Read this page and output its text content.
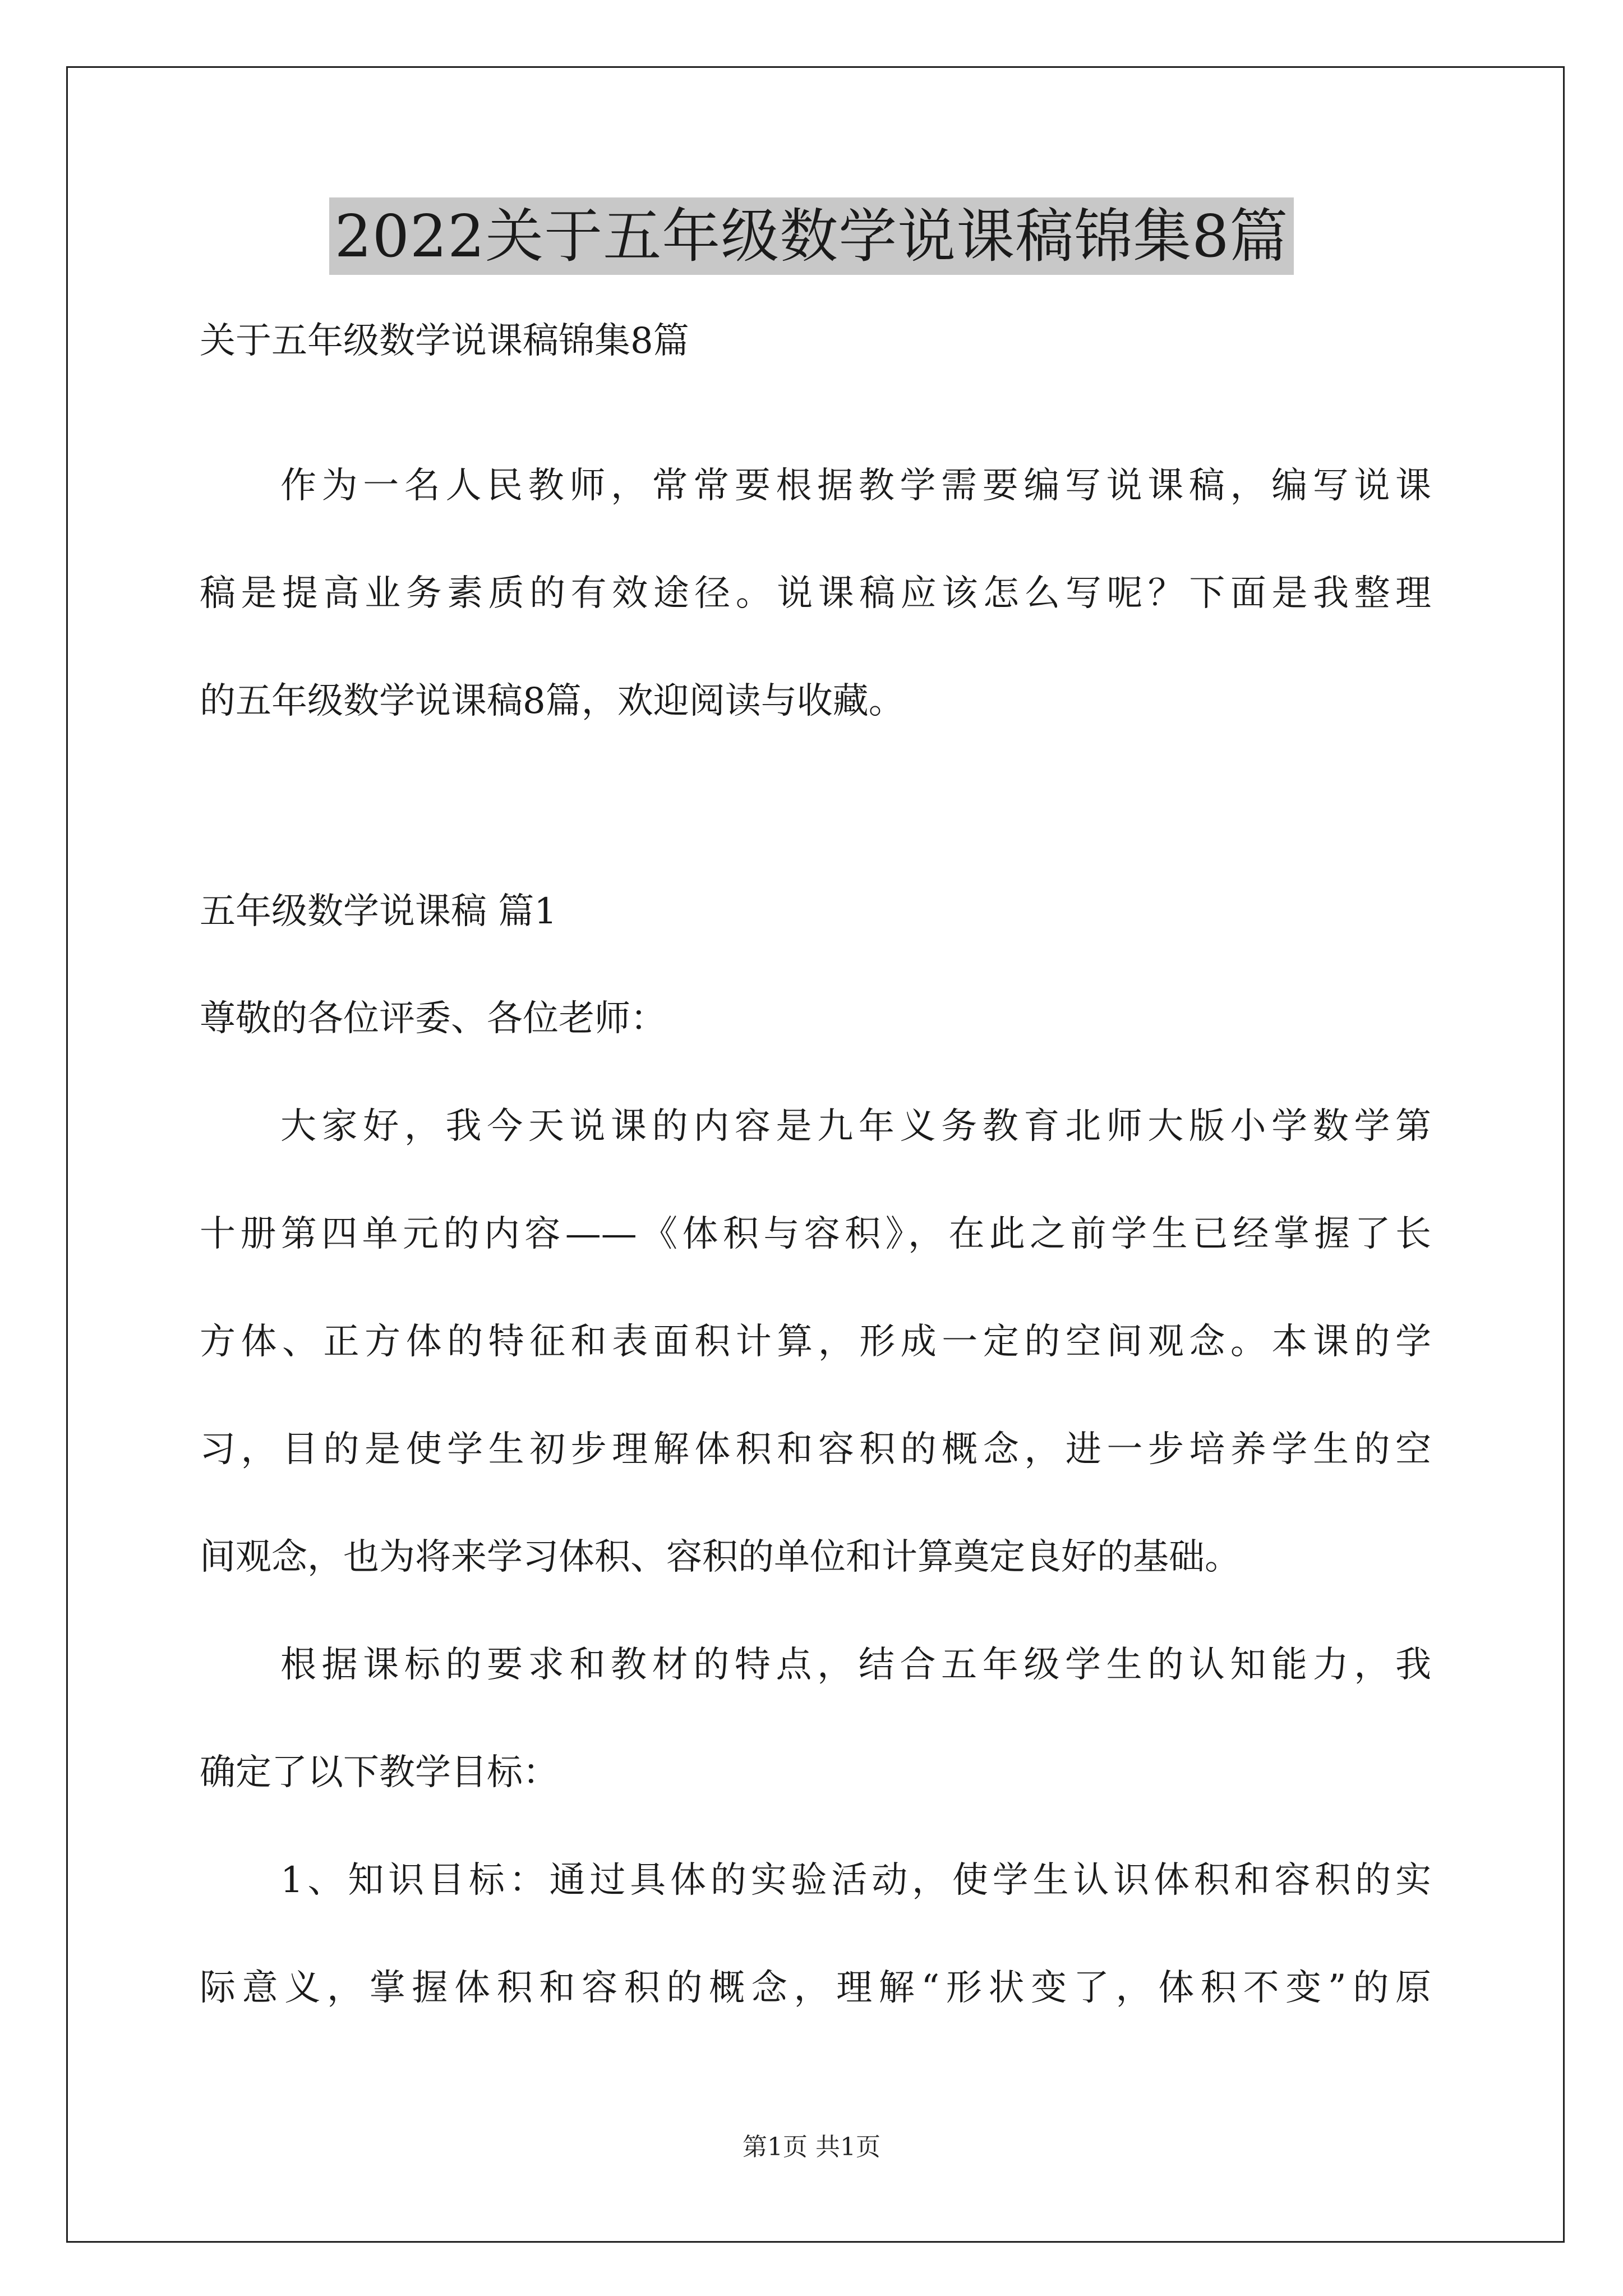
2022关于五年级数学说课稿锦集8篇
关于五年级数学说课稿锦集8篇
作为一名人民教师，常常要根据教学需要编写说课稿，编写说课
稿是提高业务素质的有效途径。说课稿应该怎么写呢？下面是我整理
的五年级数学说课稿8篇，欢迎阅读与收藏。
五年级数学说课稿 篇1
尊敬的各位评委、各位老师：
大家好，我今天说课的内容是九年义务教育北师大版小学数学第
十册第四单元的内容——《体积与容积》，在此之前学生已经掌握了长
方体、正方体的特征和表面积计算，形成一定的空间观念。本课的学
习，目的是使学生初步理解体积和容积的概念，进一步培养学生的空
间观念，也为将来学习体积、容积的单位和计算奠定良好的基础。
根据课标的要求和教材的特点，结合五年级学生的认知能力，我
确定了以下教学目标：
1、知识目标：通过具体的实验活动，使学生认识体积和容积的实
际意义，掌握体积和容积的概念，理解“形状变了，体积不变”的原
第1页 共1页
